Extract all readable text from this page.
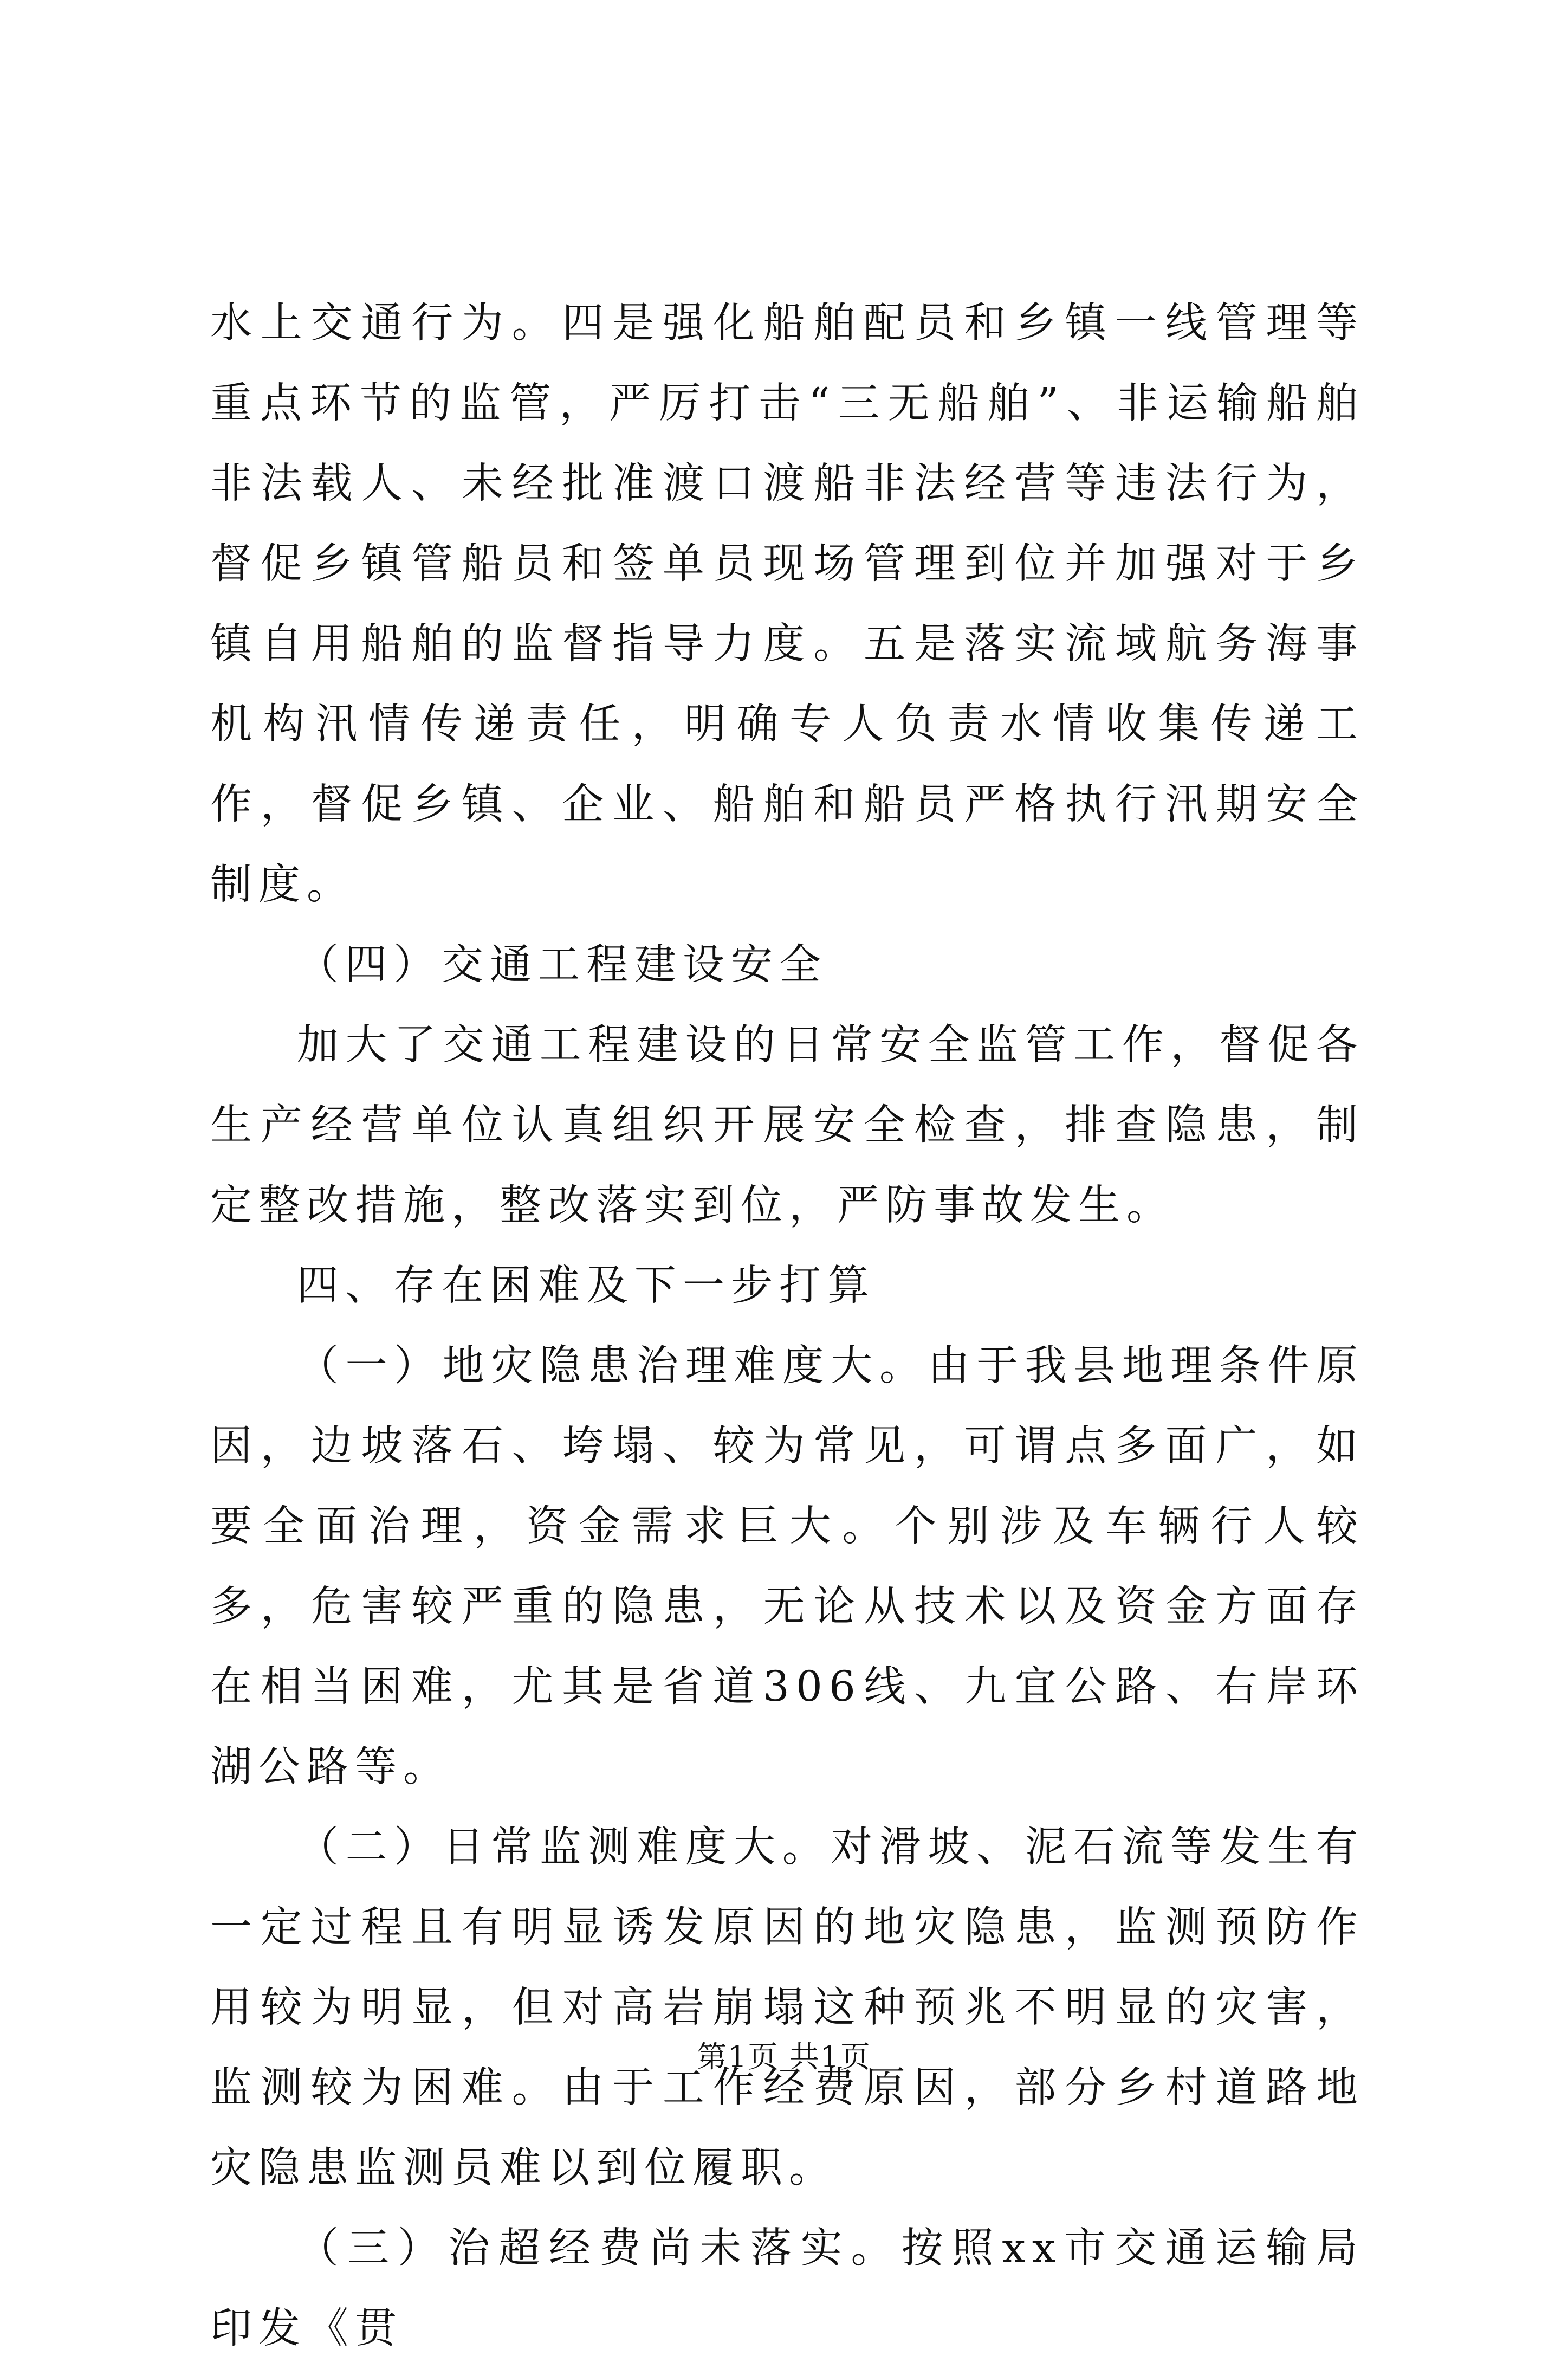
水上交通行为。四是强化船舶配员和乡镇一线管理等重点环节的监管，严厉打击“三无船舶”、非运输船舶非法载人、未经批准渡口渡船非法经营等违法行为，督促乡镇管船员和签单员现场管理到位并加强对于乡镇自用船舶的监督指导力度。五是落实流域航务海事机构汛情传递责任，明确专人负责水情收集传递工作，督促乡镇、企业、船舶和船员严格执行汛期安全制度。

（四）交通工程建设安全

加大了交通工程建设的日常安全监管工作，督促各生产经营单位认真组织开展安全检查，排查隐患，制定整改措施，整改落实到位，严防事故发生。

四、存在困难及下一步打算

（一）地灾隐患治理难度大。由于我县地理条件原因，边坡落石、垮塌、较为常见，可谓点多面广，如要全面治理，资金需求巨大。个别涉及车辆行人较多，危害较严重的隐患，无论从技术以及资金方面存在相当困难，尤其是省道306线、九宜公路、右岸环湖公路等。

（二）日常监测难度大。对滑坡、泥石流等发生有一定过程且有明显诱发原因的地灾隐患，监测预防作用较为明显，但对高岩崩塌这种预兆不明显的灾害，监测较为困难。由于工作经费原因，部分乡村道路地灾隐患监测员难以到位履职。

（三）治超经费尚未落实。按照xx市交通运输局印发《贯

第1页 共1页
